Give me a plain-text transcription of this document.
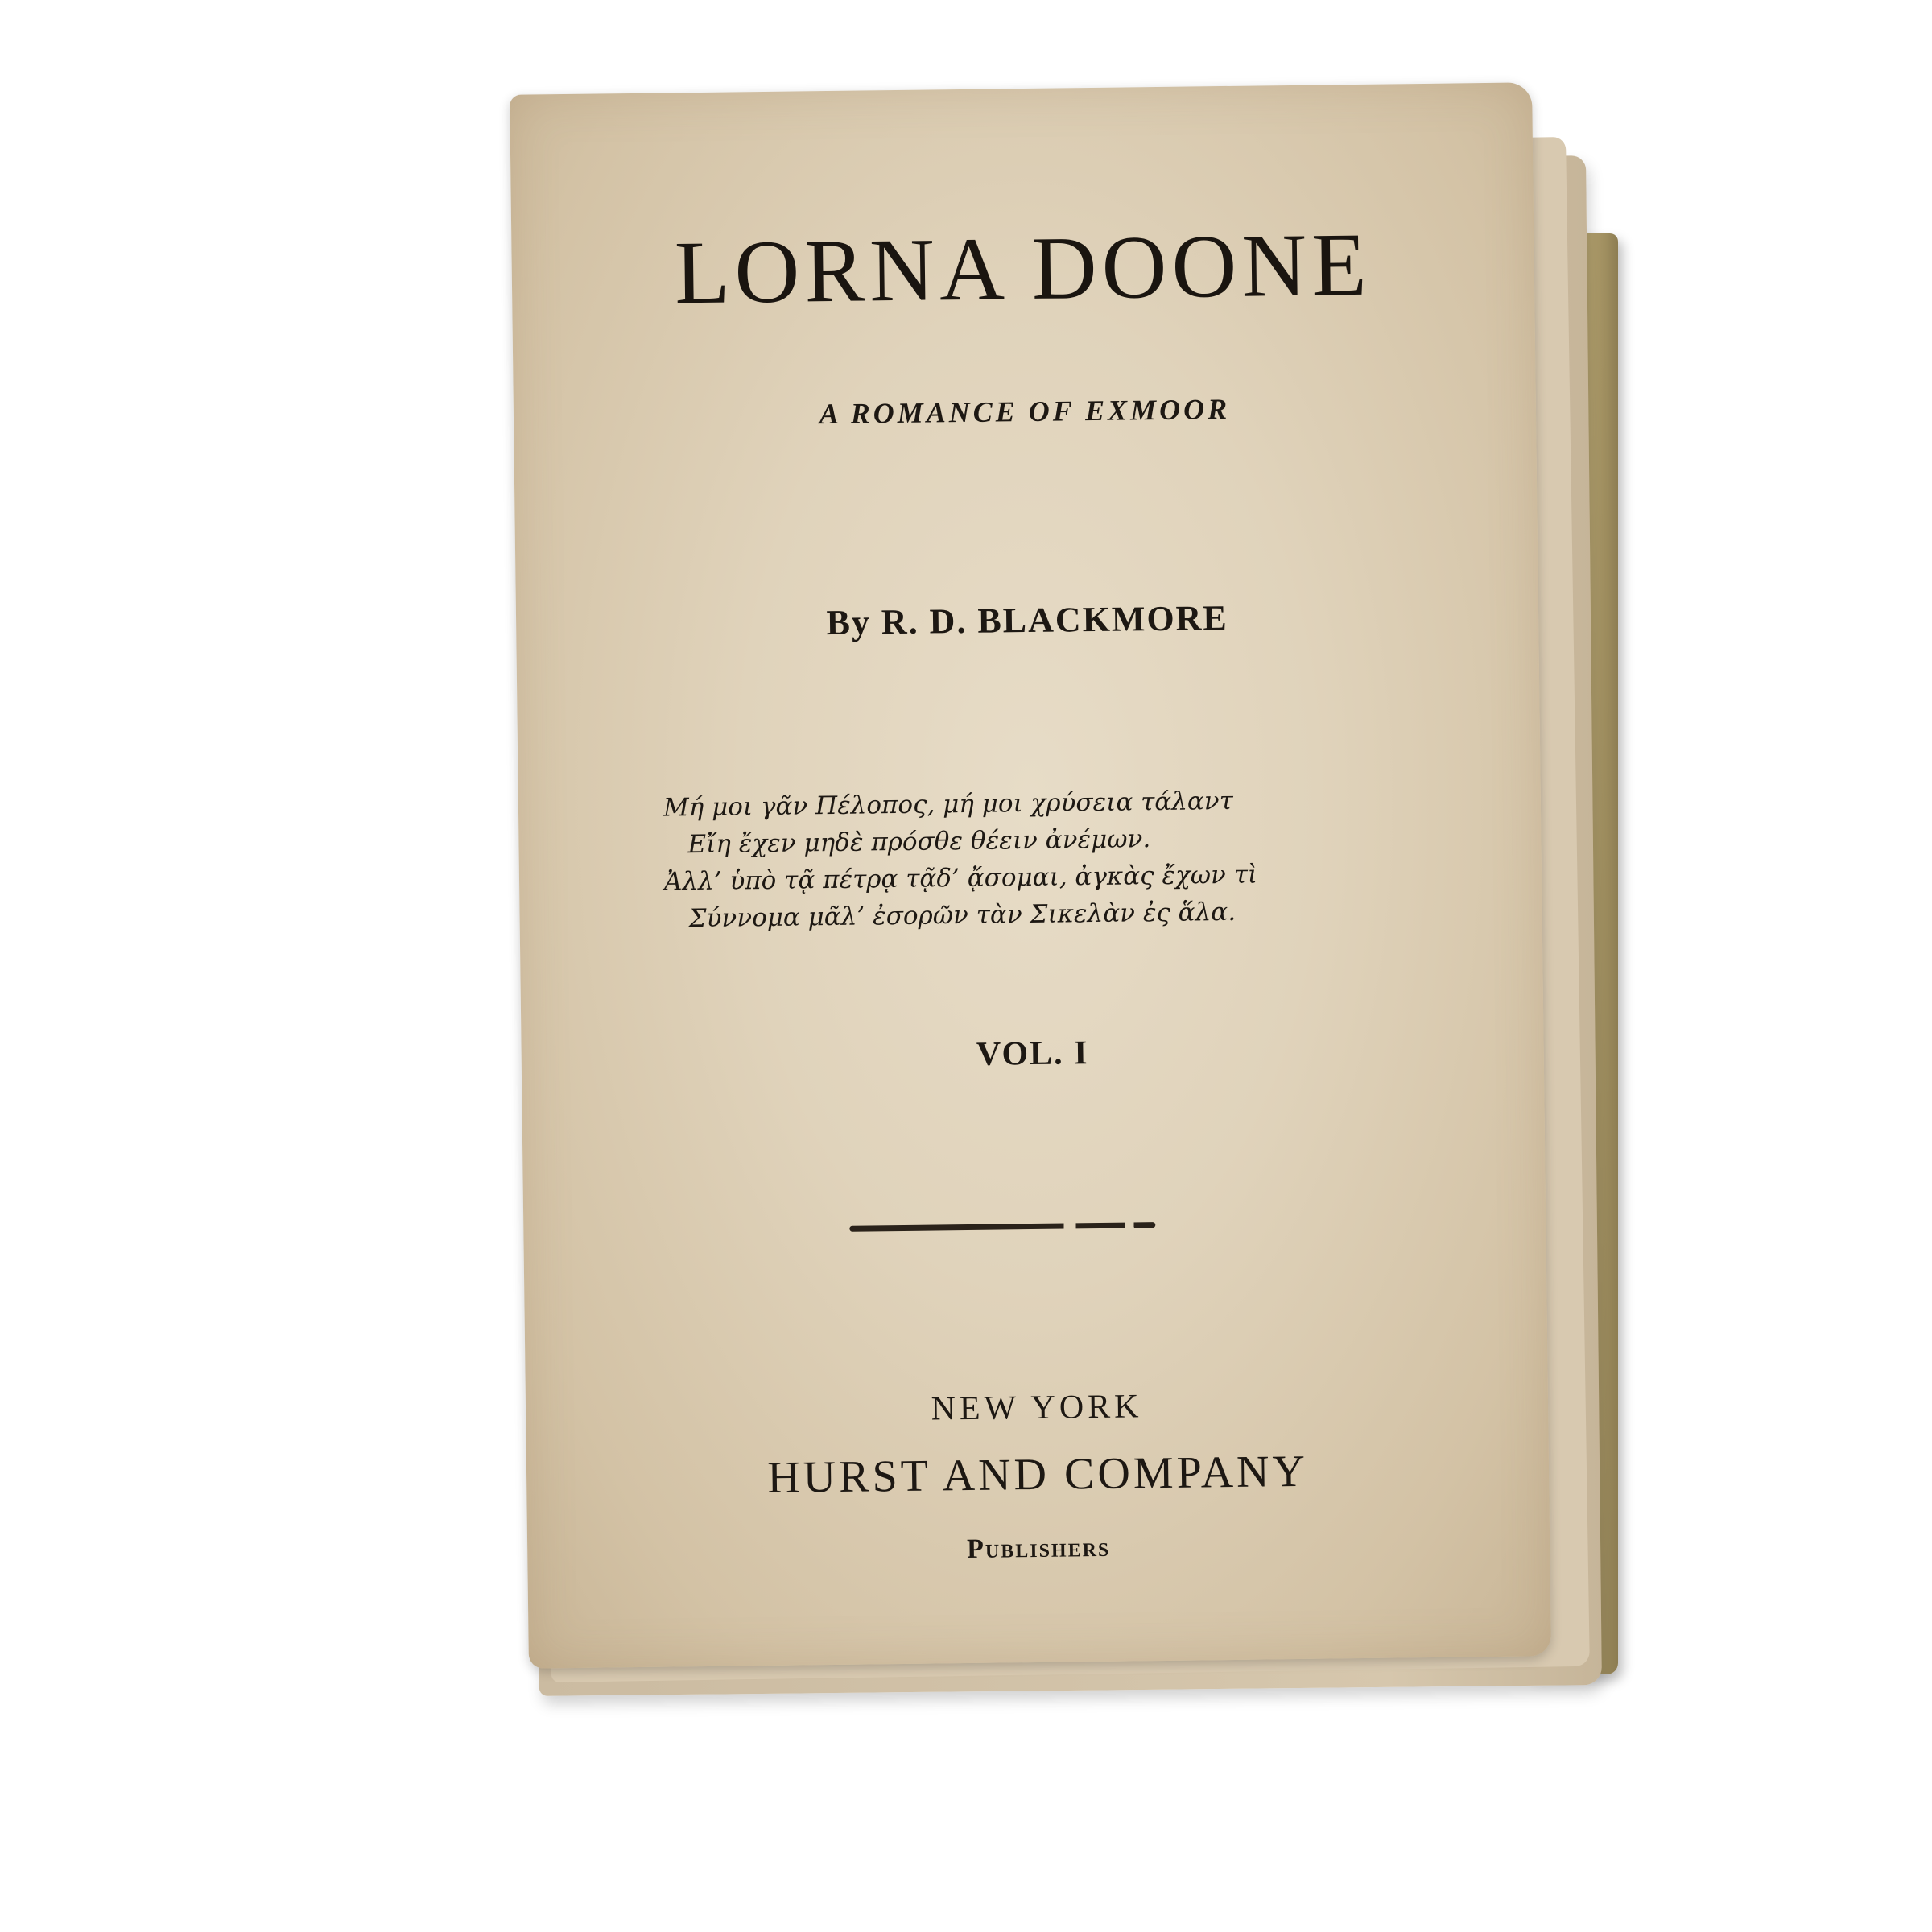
LORNA DOONE
A ROMANCE OF EXMOOR
By R. D. BLACKMORE
Μή μοι γᾶν Πέλοπος, μή μοι χρύσεια τάλαντ
Εἴη ἔχεν μηδὲ πρόσθε θέειν ἀνέμων.
Ἀλλ’ ὑπὸ τᾷ πέτρᾳ τᾷδ’ ᾄσομαι, ἀγκὰς ἔχων τὶ
Σύννομα μᾶλ’ ἐσορῶν τὰν Σικελὰν ἐς ἅλα.
VOL. I
NEW YORK
HURST AND COMPANY
Publishers
